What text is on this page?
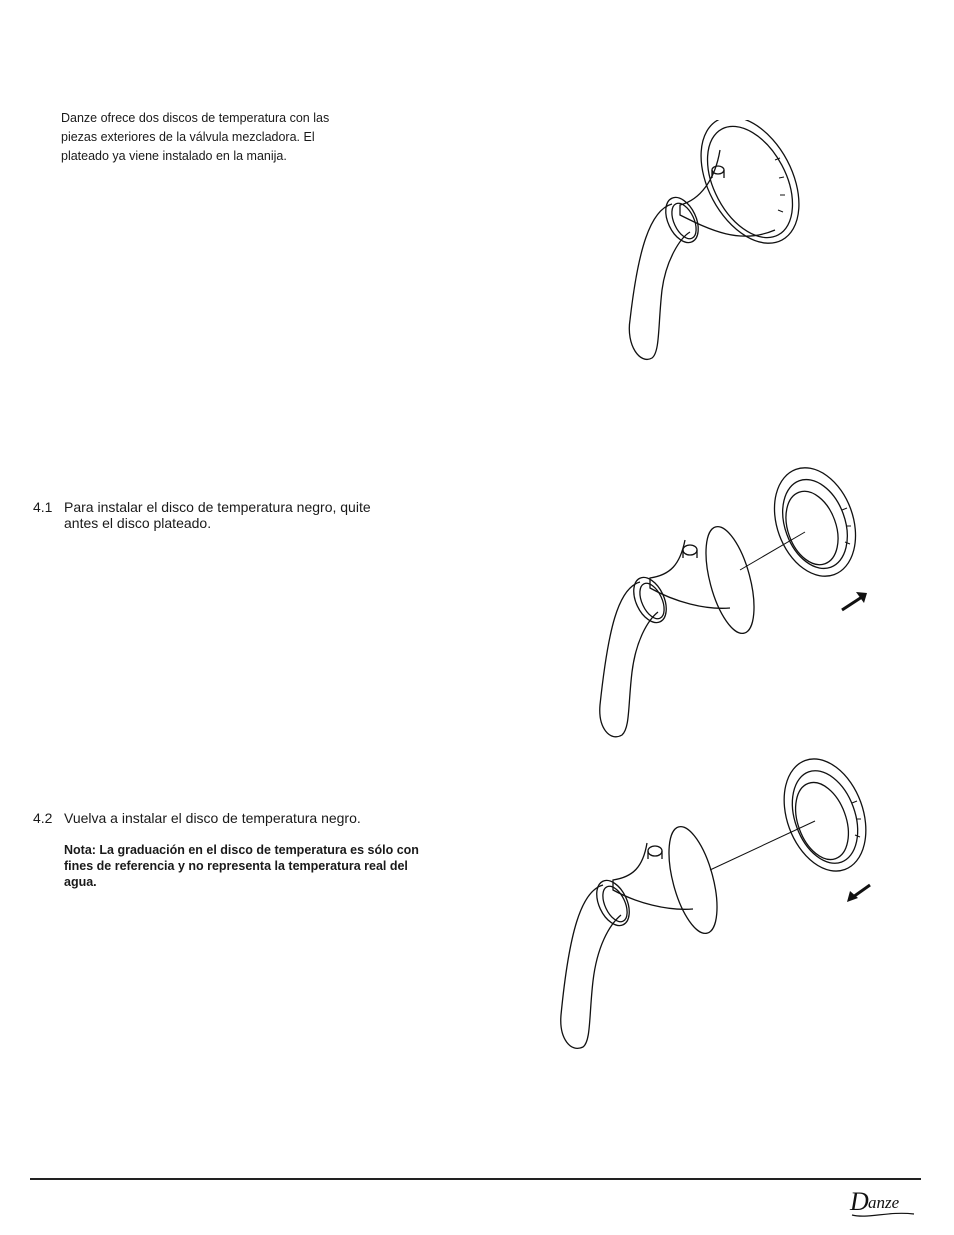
Danze ofrece dos discos de temperatura con las piezas exteriores de la válvula mezcladora. El plateado ya viene instalado en la manija.

4.1 Para instalar el disco de temperatura negro, quite antes el disco plateado.
4.2 Vuelva a instalar el disco de temperatura negro.
Nota: La graduación en el disco de temperatura es sólo con fines de referencia y no representa la temperatura real del agua.
D anze
